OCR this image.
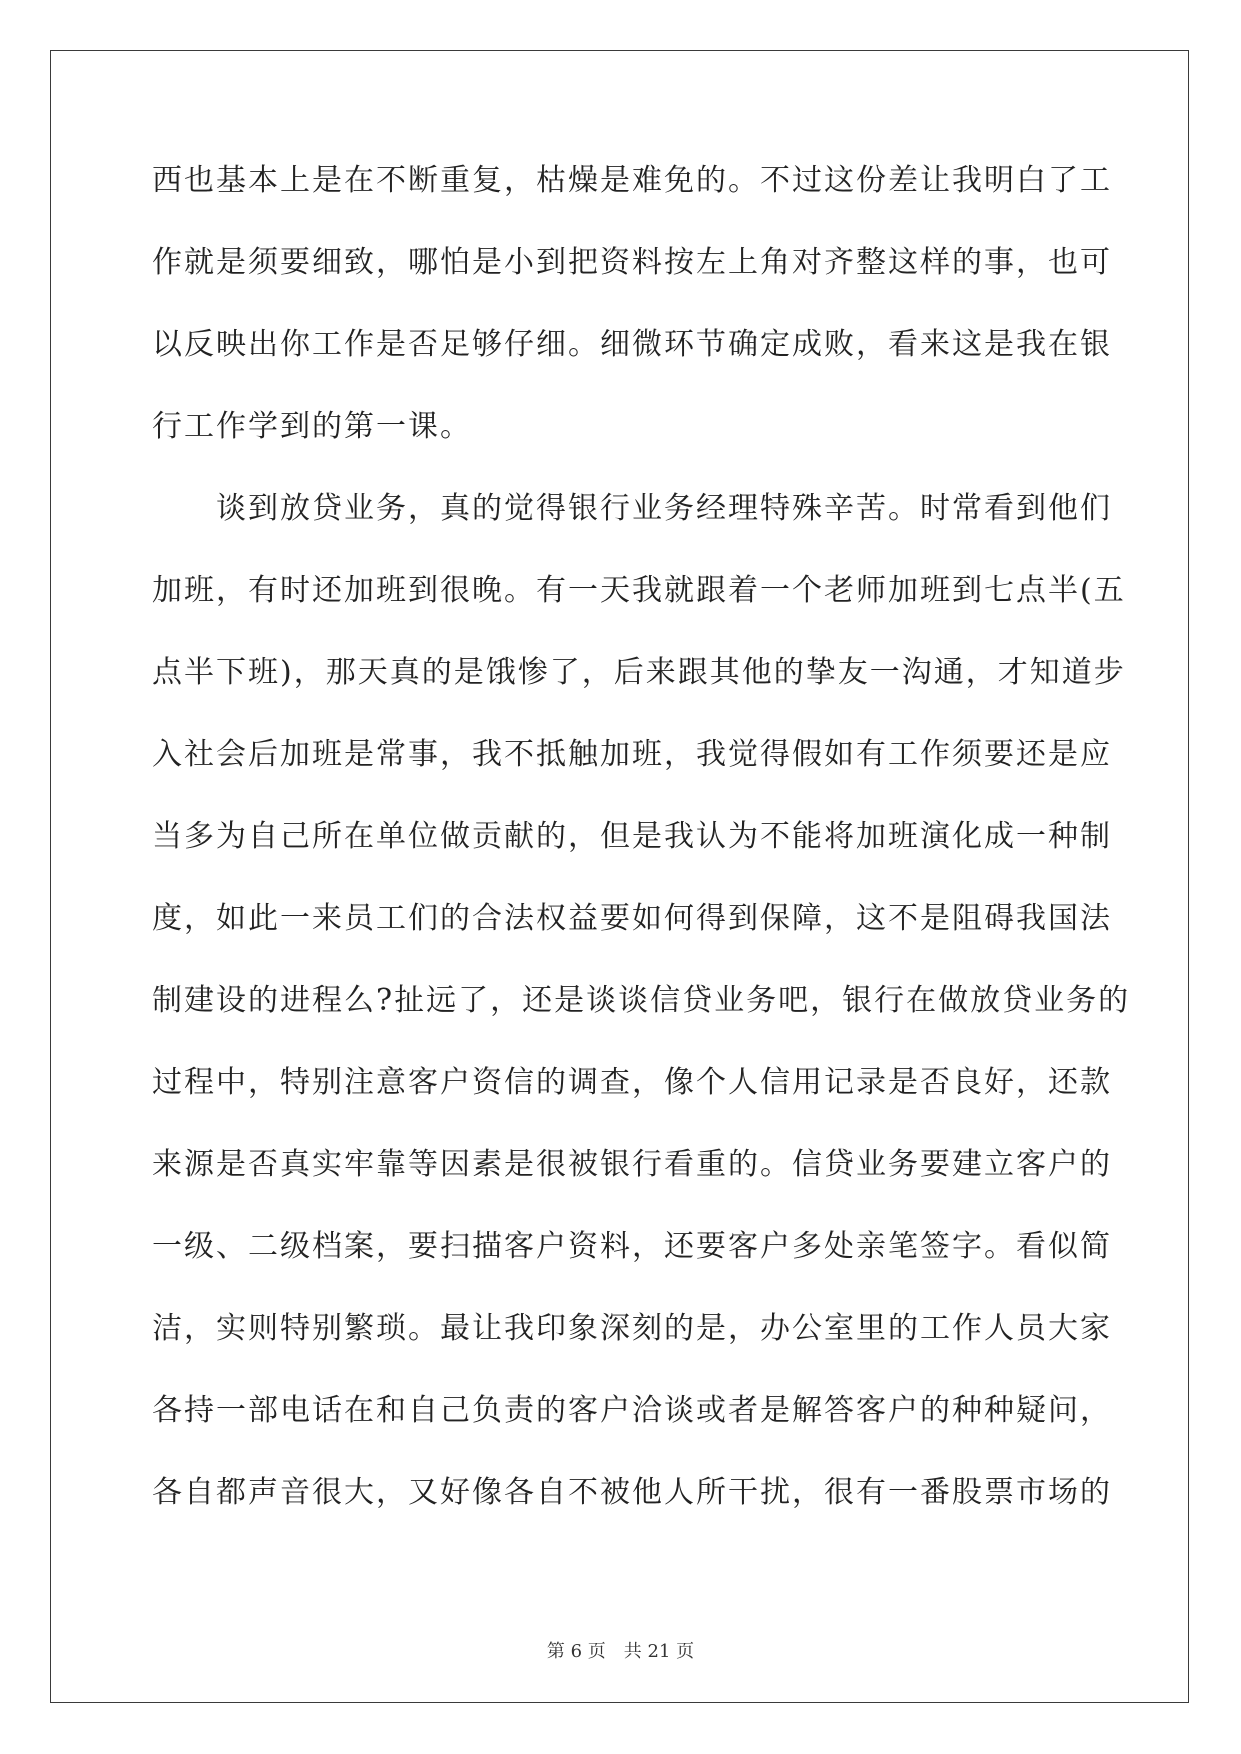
西也基本上是在不断重复，枯燥是难免的。不过这份差让我明白了工
作就是须要细致，哪怕是小到把资料按左上角对齐整这样的事，也可
以反映出你工作是否足够仔细。细微环节确定成败，看来这是我在银
行工作学到的第一课。
谈到放贷业务，真的觉得银行业务经理特殊辛苦。时常看到他们
加班，有时还加班到很晚。有一天我就跟着一个老师加班到七点半(五
点半下班)，那天真的是饿惨了，后来跟其他的挚友一沟通，才知道步
入社会后加班是常事，我不抵触加班，我觉得假如有工作须要还是应
当多为自己所在单位做贡献的，但是我认为不能将加班演化成一种制
度，如此一来员工们的合法权益要如何得到保障，这不是阻碍我国法
制建设的进程么?扯远了，还是谈谈信贷业务吧，银行在做放贷业务的
过程中，特别注意客户资信的调查，像个人信用记录是否良好，还款
来源是否真实牢靠等因素是很被银行看重的。信贷业务要建立客户的
一级、二级档案，要扫描客户资料，还要客户多处亲笔签字。看似简
洁，实则特别繁琐。最让我印象深刻的是，办公室里的工作人员大家
各持一部电话在和自己负责的客户洽谈或者是解答客户的种种疑问，
各自都声音很大，又好像各自不被他人所干扰，很有一番股票市场的
第 6 页　共 21 页
